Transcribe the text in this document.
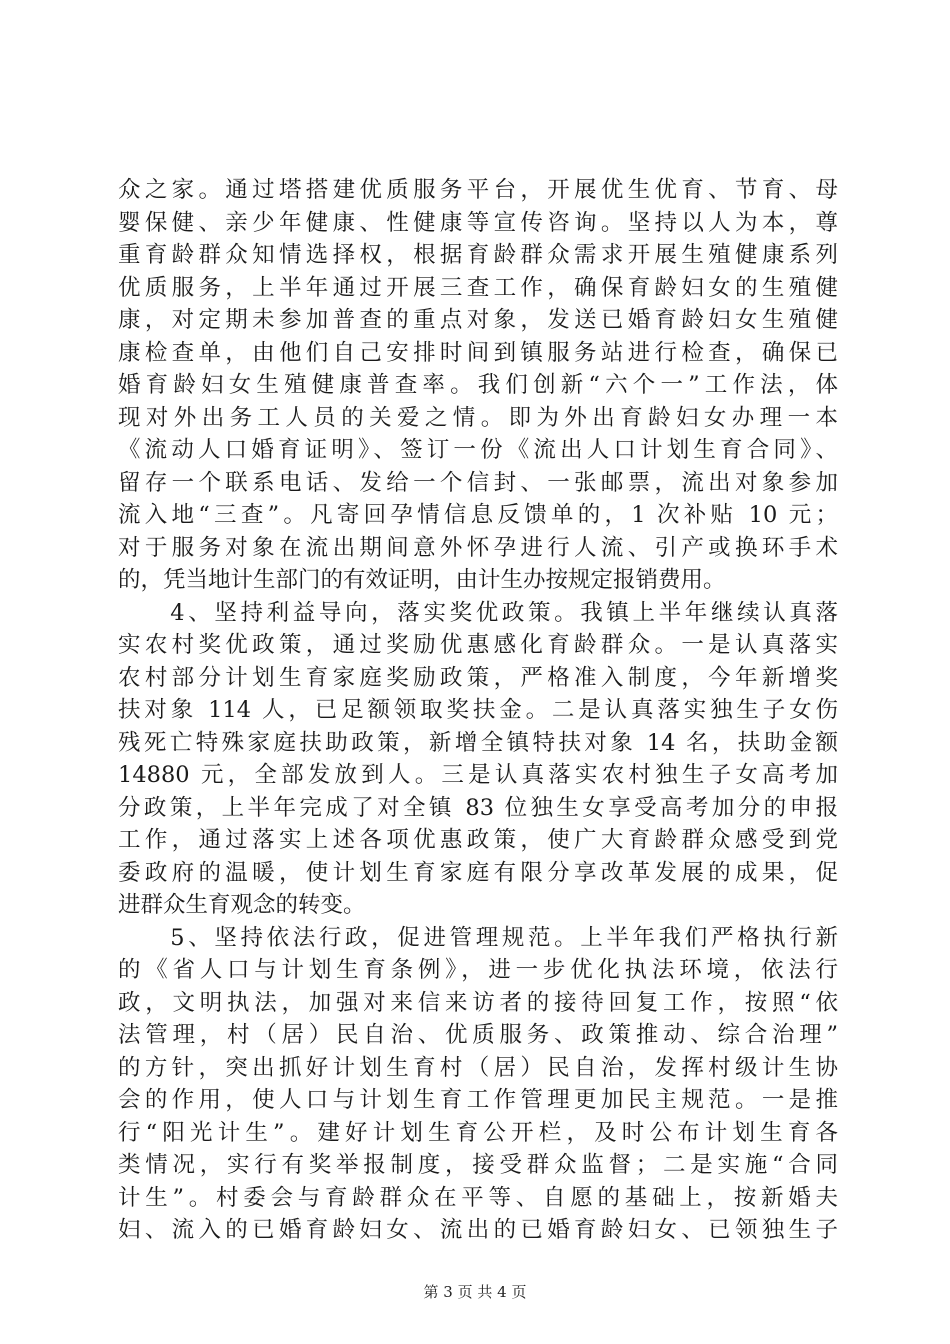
众之家。通过塔搭建优质服务平台，开展优生优育、节育、母
婴保健、亲少年健康、性健康等宣传咨询。坚持以人为本，尊
重育龄群众知情选择权，根据育龄群众需求开展生殖健康系列
优质服务，上半年通过开展三查工作，确保育龄妇女的生殖健
康，对定期未参加普查的重点对象，发送已婚育龄妇女生殖健
康检查单，由他们自己安排时间到镇服务站进行检查，确保已
婚育龄妇女生殖健康普查率。我们创新“六个一”工作法，体
现对外出务工人员的关爱之情。即为外出育龄妇女办理一本
《流动人口婚育证明》、签订一份《流出人口计划生育合同》、
留存一个联系电话、发给一个信封、一张邮票，流出对象参加
流入地“三查”。凡寄回孕情信息反馈单的，1 次补贴 10 元；
对于服务对象在流出期间意外怀孕进行人流、引产或换环手术
的，凭当地计生部门的有效证明，由计生办按规定报销费用。
　　4、坚持利益导向，落实奖优政策。我镇上半年继续认真落
实农村奖优政策，通过奖励优惠感化育龄群众。一是认真落实
农村部分计划生育家庭奖励政策，严格准入制度，今年新增奖
扶对象 114 人，已足额领取奖扶金。二是认真落实独生子女伤
残死亡特殊家庭扶助政策，新增全镇特扶对象 14 名，扶助金额
14880 元，全部发放到人。三是认真落实农村独生子女高考加
分政策，上半年完成了对全镇 83 位独生女享受高考加分的申报
工作，通过落实上述各项优惠政策，使广大育龄群众感受到党
委政府的温暖，使计划生育家庭有限分享改革发展的成果，促
进群众生育观念的转变。
　　5、坚持依法行政，促进管理规范。上半年我们严格执行新
的《省人口与计划生育条例》，进一步优化执法环境，依法行
政，文明执法，加强对来信来访者的接待回复工作，按照“依
法管理，村（居）民自治、优质服务、政策推动、综合治理”
的方针，突出抓好计划生育村（居）民自治，发挥村级计生协
会的作用，使人口与计划生育工作管理更加民主规范。一是推
行“阳光计生”。建好计划生育公开栏，及时公布计划生育各
类情况，实行有奖举报制度，接受群众监督；二是实施“合同
计生”。村委会与育龄群众在平等、自愿的基础上，按新婚夫
妇、流入的已婚育龄妇女、流出的已婚育龄妇女、已领独生子
第 3 页 共 4 页
